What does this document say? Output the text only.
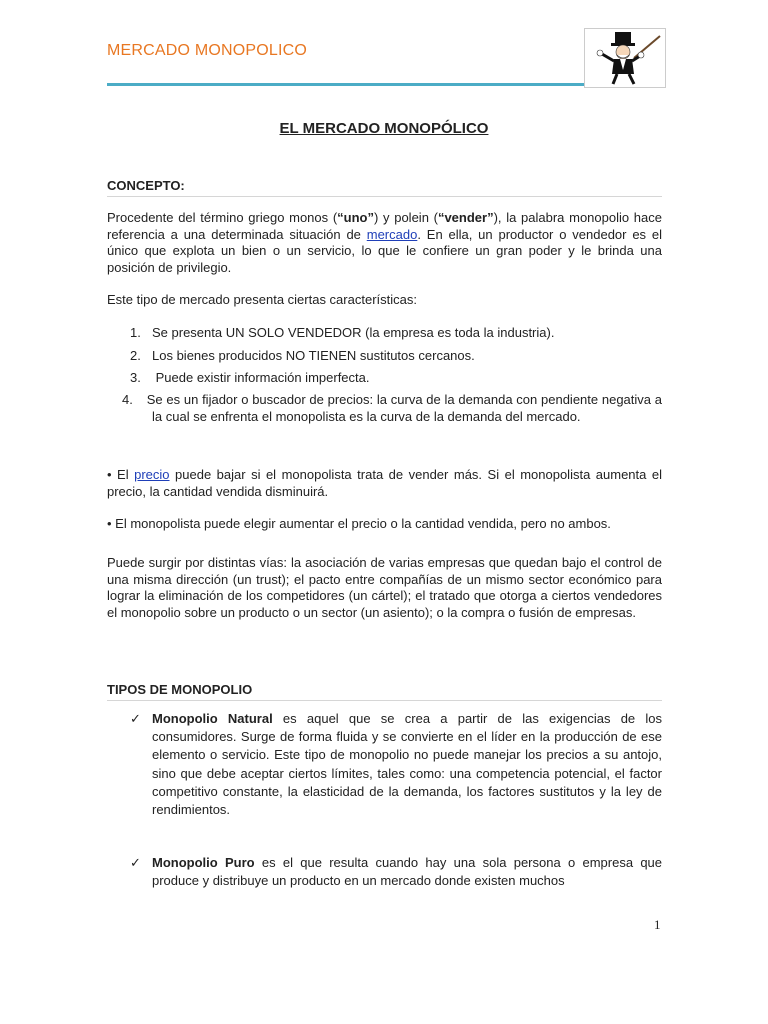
MERCADO MONOPOLICO
EL MERCADO MONOPÓLICO
CONCEPTO:

Procedente del término griego monos (“uno”) y polein (“vender”), la palabra monopolio hace referencia a una determinada situación de mercado. En ella, un productor o vendedor es el único que explota un bien o un servicio, lo que le confiere un gran poder y le brinda una posición de privilegio.

Este tipo de mercado presenta ciertas características:

1. Se presenta UN SOLO VENDEDOR (la empresa es toda la industria).

2. Los bienes producidos NO TIENEN sustitutos cercanos.

3. Puede existir información imperfecta.

4. Se es un fijador o buscador de precios: la curva de la demanda con pendiente negativa a la cual se enfrenta el monopolista es la curva de la demanda del mercado.

• El precio puede bajar si el monopolista trata de vender más. Si el monopolista aumenta el precio, la cantidad vendida disminuirá.

• El monopolista puede elegir aumentar el precio o la cantidad vendida, pero no ambos.

Puede surgir por distintas vías: la asociación de varias empresas que quedan bajo el control de una misma dirección (un trust); el pacto entre compañías de un mismo sector económico para lograr la eliminación de los competidores (un cártel); el tratado que otorga a ciertos vendedores el monopolio sobre un producto o un sector (un asiento); o la compra o fusión de empresas.

TIPOS DE MONOPOLIO
✓ Monopolio Natural es aquel que se crea a partir de las exigencias de los consumidores. Surge de forma fluida y se convierte en el líder en la producción de ese elemento o servicio. Este tipo de monopolio no puede manejar los precios a su antojo, sino que debe aceptar ciertos límites, tales como: una competencia potencial, el factor competitivo constante, la elasticidad de la demanda, los factores sustitutos y la ley de rendimientos.

✓ Monopolio Puro es el que resulta cuando hay una sola persona o empresa que produce y distribuye un producto en un mercado donde existen muchos

1
